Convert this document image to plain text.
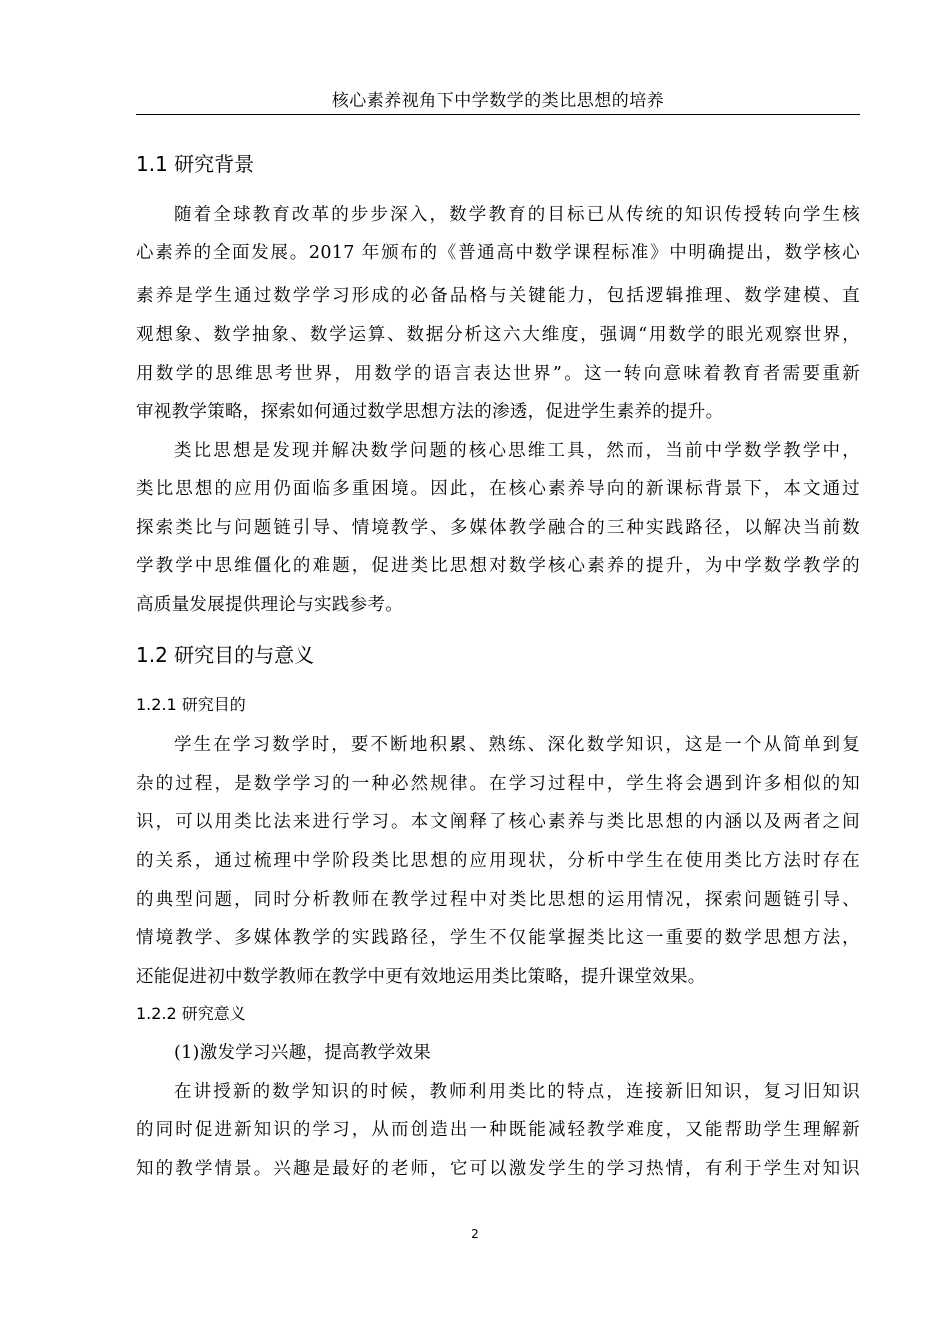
核心素养视角下中学数学的类比思想的培养
1.1 研究背景
随着全球教育改革的步步深入，数学教育的目标已从传统的知识传授转向学生核
心素养的全面发展。2017 年颁布的《普通高中数学课程标准》中明确提出，数学核心
素养是学生通过数学学习形成的必备品格与关键能力，包括逻辑推理、数学建模、直
观想象、数学抽象、数学运算、数据分析这六大维度，强调“用数学的眼光观察世界，
用数学的思维思考世界，用数学的语言表达世界”。这一转向意味着教育者需要重新
审视教学策略，探索如何通过数学思想方法的渗透，促进学生素养的提升。
类比思想是发现并解决数学问题的核心思维工具，然而，当前中学数学教学中，
类比思想的应用仍面临多重困境。因此，在核心素养导向的新课标背景下，本文通过
探索类比与问题链引导、情境教学、多媒体教学融合的三种实践路径，以解决当前数
学教学中思维僵化的难题，促进类比思想对数学核心素养的提升，为中学数学教学的
高质量发展提供理论与实践参考。
1.2 研究目的与意义
1.2.1 研究目的
学生在学习数学时，要不断地积累、熟练、深化数学知识，这是一个从简单到复
杂的过程，是数学学习的一种必然规律。在学习过程中，学生将会遇到许多相似的知
识，可以用类比法来进行学习。本文阐释了核心素养与类比思想的内涵以及两者之间
的关系，通过梳理中学阶段类比思想的应用现状，分析中学生在使用类比方法时存在
的典型问题，同时分析教师在教学过程中对类比思想的运用情况，探索问题链引导、
情境教学、多媒体教学的实践路径，学生不仅能掌握类比这一重要的数学思想方法，
还能促进初中数学教师在教学中更有效地运用类比策略，提升课堂效果。
1.2.2 研究意义
(1)激发学习兴趣，提高教学效果
在讲授新的数学知识的时候，教师利用类比的特点，连接新旧知识，复习旧知识
的同时促进新知识的学习，从而创造出一种既能减轻教学难度，又能帮助学生理解新
知的教学情景。兴趣是最好的老师，它可以激发学生的学习热情，有利于学生对知识
2
